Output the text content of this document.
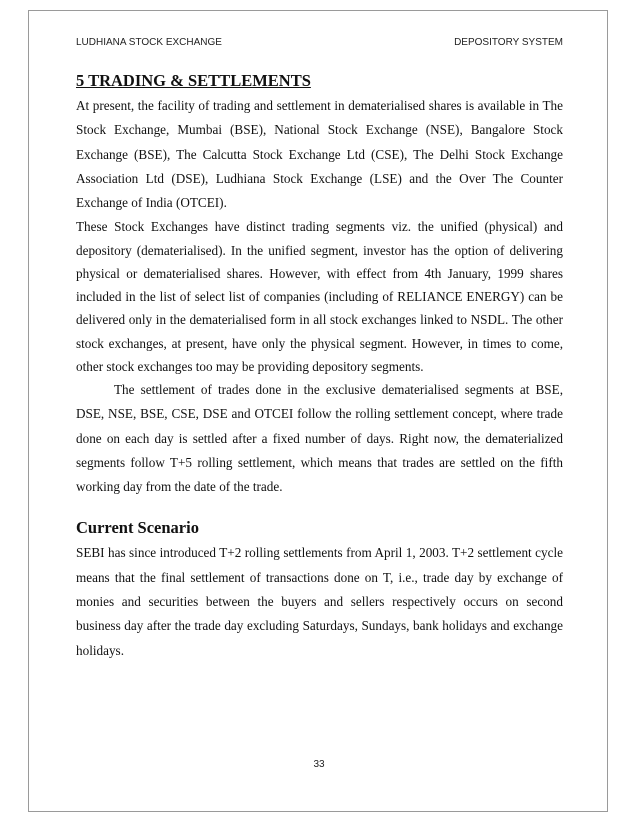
LUDHIANA STOCK EXCHANGE	DEPOSITORY SYSTEM
5 TRADING & SETTLEMENTS

At present, the facility of trading and settlement in dematerialised shares is available in The Stock Exchange, Mumbai (BSE), National Stock Exchange (NSE), Bangalore Stock Exchange (BSE), The Calcutta Stock Exchange Ltd (CSE), The Delhi Stock Exchange Association Ltd (DSE), Ludhiana Stock Exchange (LSE) and the Over The Counter Exchange of India (OTCEI).

These Stock Exchanges have distinct trading segments viz. the unified (physical) and depository (dematerialised). In the unified segment, investor has the option of delivering physical or dematerialised shares. However, with effect from 4th January, 1999 shares included in the list of select list of companies (including of RELIANCE ENERGY) can be delivered only in the dematerialised form in all stock exchanges linked to NSDL. The other stock exchanges, at present, have only the physical segment. However, in times to come, other stock exchanges too may be providing depository segments.

The settlement of trades done in the exclusive dematerialised segments at BSE, DSE, NSE, BSE, CSE, DSE and OTCEI follow the rolling settlement concept, where trade done on each day is settled after a fixed number of days. Right now, the dematerialized segments follow T+5 rolling settlement, which means that trades are settled on the fifth working day from the date of the trade.

Current Scenario

SEBI has since introduced T+2 rolling settlements from April 1, 2003. T+2 settlement cycle means that the final settlement of transactions done on T, i.e., trade day by exchange of monies and securities between the buyers and sellers respectively occurs on second business day after the trade day excluding Saturdays, Sundays, bank holidays and exchange holidays.

33
